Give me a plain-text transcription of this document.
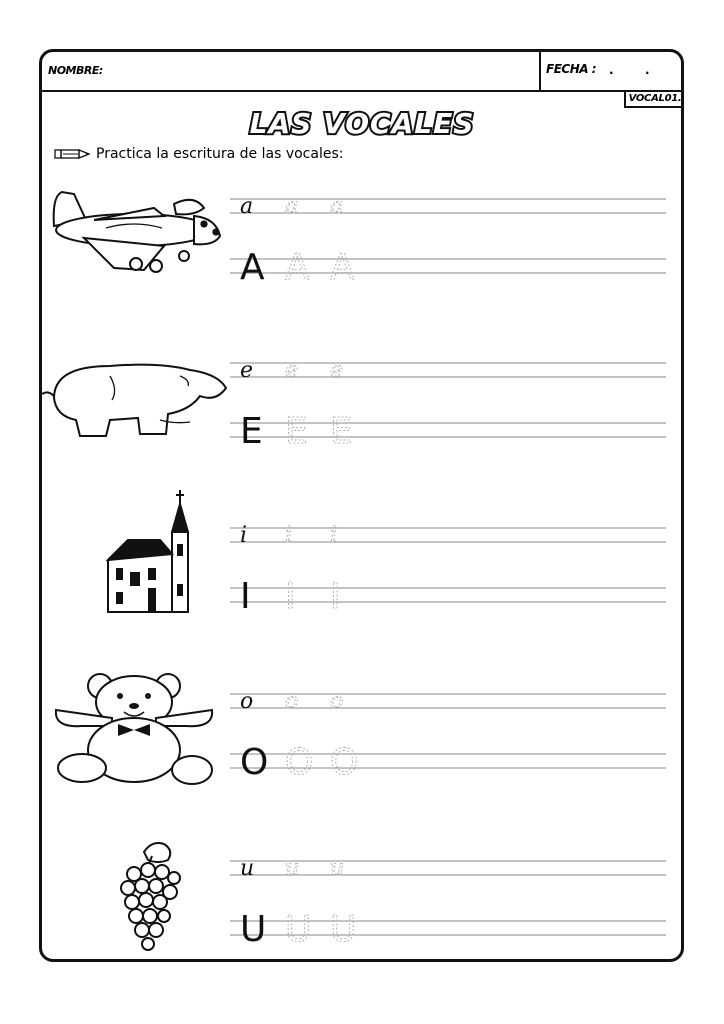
NOMBRE:	FECHA : ·	·
VOCAL01.
LAS VOCALES
Practica la escritura de las vocales:
a a a
A A A
e e e
E E E
i i i
I I I
o o o
O O O
u u u
U U U
